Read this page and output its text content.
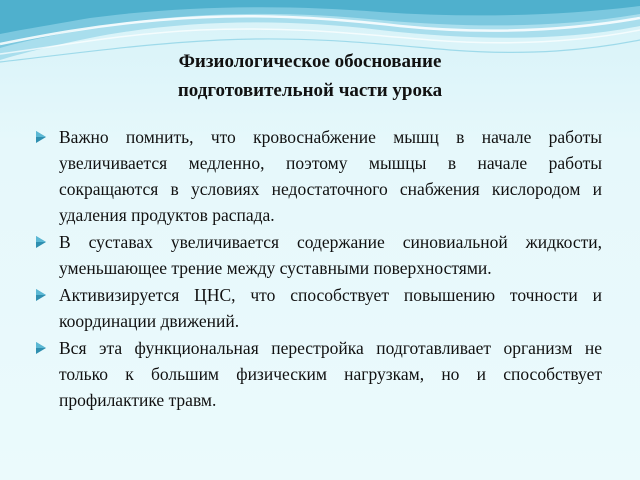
Физиологическое обоснование
подготовительной части урока
Важно помнить, что кровоснабжение мышц в начале работы увеличивается медленно, поэтому мышцы в начале работы сокращаются в условиях недостаточного снабжения кислородом и удаления продуктов распада.
В суставах увеличивается содержание синовиальной жидкости, уменьшающее трение между суставными поверхностями.
Активизируется ЦНС, что способствует повышению точности и координации движений.
Вся эта функциональная перестройка подготавливает организм не только к большим физическим нагрузкам, но и способствует профилактике травм.
